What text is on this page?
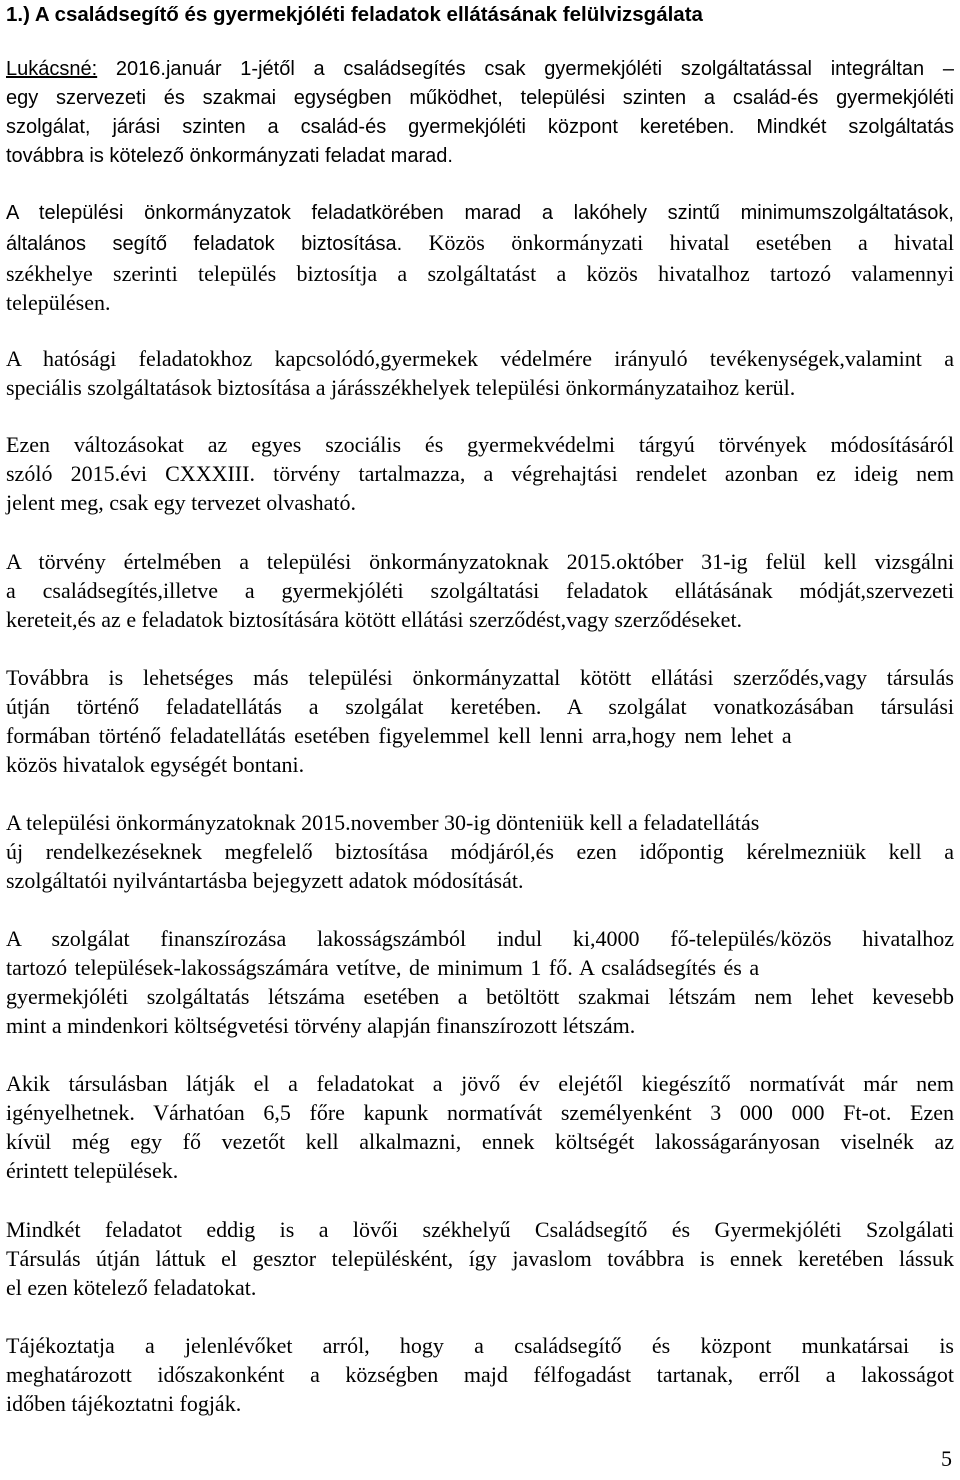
1.) A családsegítő és gyermekjóléti feladatok ellátásának felülvizsgálata
Lukácsné: 2016.január 1-jétől a családsegítés csak gyermekjóléti szolgáltatással integráltan –
egy szervezeti és szakmai egységben működhet, települési szinten a család-és gyermekjóléti
szolgálat, járási szinten a család-és gyermekjóléti központ keretében. Mindkét szolgáltatás
továbbra is kötelező önkormányzati feladat marad.
A települési önkormányzatok feladatkörében marad a lakóhely szintű minimumszolgáltatások,
általános segítő feladatok biztosítása. Közös önkormányzati hivatal esetében a hivatal
székhelye szerinti település biztosítja a szolgáltatást a közös hivatalhoz tartozó valamennyi
településen.
A hatósági feladatokhoz kapcsolódó,gyermekek védelmére irányuló tevékenységek,valamint a
speciális szolgáltatások biztosítása a járásszékhelyek települési önkormányzataihoz kerül.
Ezen változásokat az egyes szociális és gyermekvédelmi tárgyú törvények módosításáról
szóló 2015.évi CXXXIII. törvény tartalmazza, a végrehajtási rendelet azonban ez ideig nem
jelent meg, csak egy tervezet olvasható.
A törvény értelmében a települési önkormányzatoknak 2015.október 31-ig felül kell vizsgálni
a családsegítés,illetve a gyermekjóléti szolgáltatási feladatok ellátásának módját,szervezeti
kereteit,és az e feladatok biztosítására kötött ellátási szerződést,vagy szerződéseket.
Továbbra is lehetséges más települési önkormányzattal kötött ellátási szerződés,vagy társulás
útján történő feladatellátás a szolgálat keretében. A szolgálat vonatkozásában társulási
formában történő feladatellátás esetében figyelemmel kell lenni arra,hogy nem lehet a
közös hivatalok egységét bontani.
A települési önkormányzatoknak 2015.november 30-ig dönteniük kell a feladatellátás
új rendelkezéseknek megfelelő biztosítása módjáról,és ezen időpontig kérelmezniük kell a
szolgáltatói nyilvántartásba bejegyzett adatok módosítását.
A szolgálat finanszírozása lakosságszámból indul ki,4000 fő-település/közös hivatalhoz
tartozó települések-lakosságszámára vetítve, de minimum 1 fő. A családsegítés és a
gyermekjóléti szolgáltatás létszáma esetében a betöltött szakmai létszám nem lehet kevesebb
mint a mindenkori költségvetési törvény alapján finanszírozott létszám.
Akik társulásban látják el a feladatokat a jövő év elejétől kiegészítő normatívát már nem
igényelhetnek. Várhatóan 6,5 főre kapunk normatívát személyenként 3 000 000 Ft-ot. Ezen
kívül még egy fő vezetőt kell alkalmazni, ennek költségét lakosságarányosan viselnék az
érintett települések.
Mindkét feladatot eddig is a lövői székhelyű Családsegítő és Gyermekjóléti Szolgálati
Társulás útján láttuk el gesztor településként, így javaslom továbbra is ennek keretében lássuk
el ezen kötelező feladatokat.
Tájékoztatja a jelenlévőket arról, hogy a családsegítő és központ munkatársai is
meghatározott időszakonként a községben majd félfogadást tartanak, erről a lakosságot
időben tájékoztatni fogják.
5
